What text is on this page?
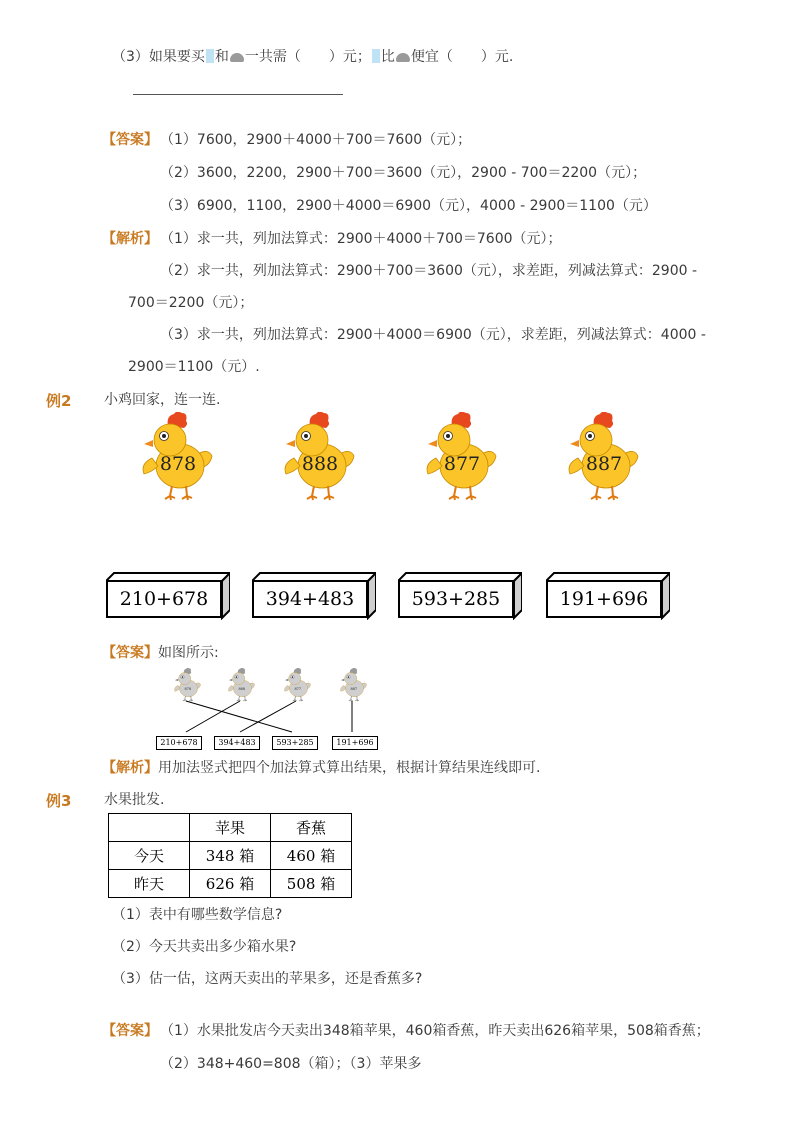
（3）如果要买 和 一共需（　　）元； 比 便宜（　　）元.
【答案】 （1）7600，2900＋4000＋700＝7600（元）；
（2）3600，2200，2900＋700＝3600（元），2900 - 700＝2200（元）；
（3）6900，1100，2900＋4000＝6900（元），4000 - 2900＝1100（元）
【解析】 （1）求一共，列加法算式：2900＋4000＋700＝7600（元）；
（2）求一共，列加法算式：2900＋700＝3600（元），求差距，列减法算式：2900 -
700＝2200（元）；
（3）求一共，列加法算式：2900＋4000＝6900（元），求差距，列减法算式：4000 -
2900＝1100（元）.
例2 小鸡回家，连一连.
878	888	877	887
210+678	394+483	593+285	191+696
【答案】 如图所示:
878	888	877	887
210+678	394+483	593+285	191+696
【解析】 用加法竖式把四个加法算式算出结果，根据计算结果连线即可.
例3 水果批发.
	苹果	香蕉
今天	348 箱	460 箱
昨天	626 箱	508 箱
（1）表中有哪些数学信息?
（2）今天共卖出多少箱水果?
（3）估一估，这两天卖出的苹果多，还是香蕉多?
【答案】 （1）水果批发店今天卖出348箱苹果，460箱香蕉，昨天卖出626箱苹果，508箱香蕉；
（2）348+460=808（箱）；（3）苹果多
